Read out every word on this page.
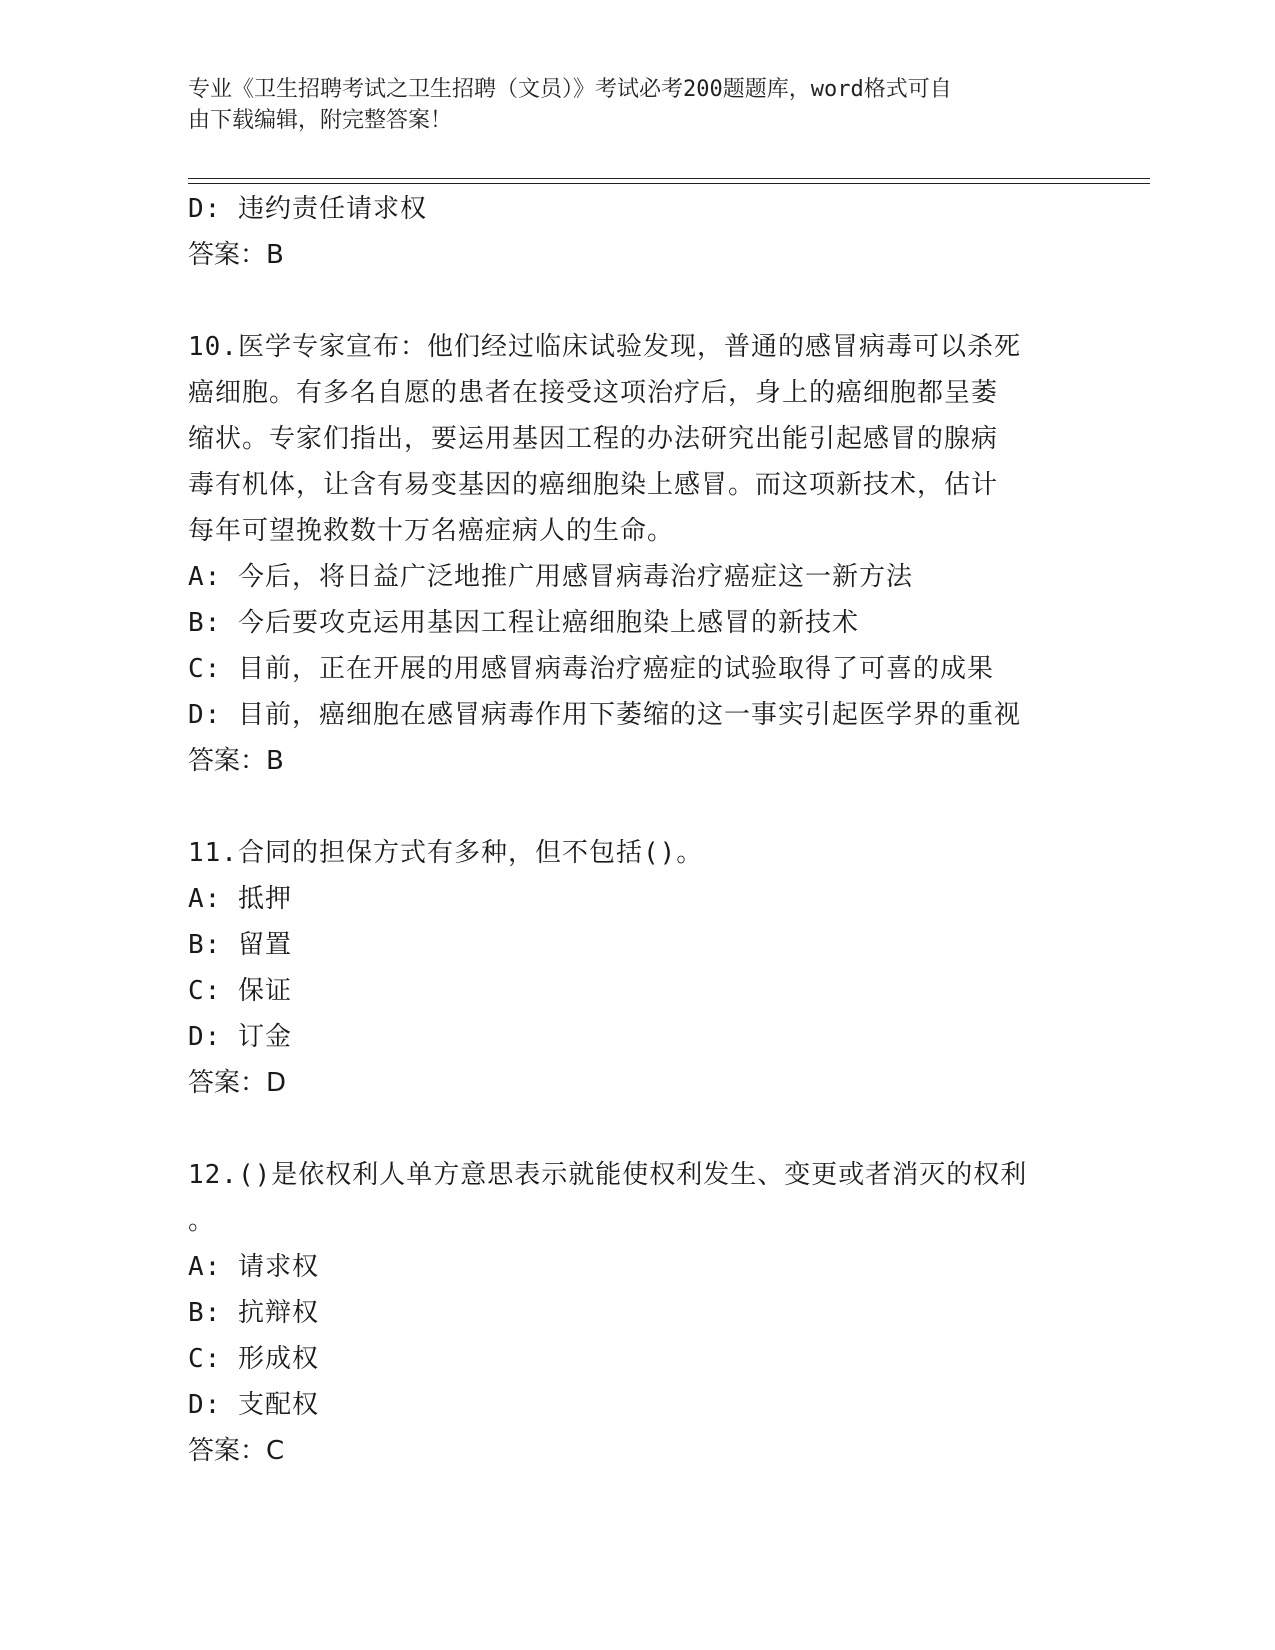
专业《卫生招聘考试之卫生招聘（文员）》考试必考200题题库，word格式可自
由下载编辑，附完整答案！
D: 违约责任请求权
答案：B
10.医学专家宣布：他们经过临床试验发现，普通的感冒病毒可以杀死
癌细胞。有多名自愿的患者在接受这项治疗后，身上的癌细胞都呈萎
缩状。专家们指出，要运用基因工程的办法研究出能引起感冒的腺病
毒有机体，让含有易变基因的癌细胞染上感冒。而这项新技术，估计
每年可望挽救数十万名癌症病人的生命。
A: 今后，将日益广泛地推广用感冒病毒治疗癌症这一新方法
B: 今后要攻克运用基因工程让癌细胞染上感冒的新技术
C: 目前，正在开展的用感冒病毒治疗癌症的试验取得了可喜的成果
D: 目前，癌细胞在感冒病毒作用下萎缩的这一事实引起医学界的重视
答案：B
11.合同的担保方式有多种，但不包括()。
A: 抵押
B: 留置
C: 保证
D: 订金
答案：D
12.()是依权利人单方意思表示就能使权利发生、变更或者消灭的权利
。
A: 请求权
B: 抗辩权
C: 形成权
D: 支配权
答案：C
